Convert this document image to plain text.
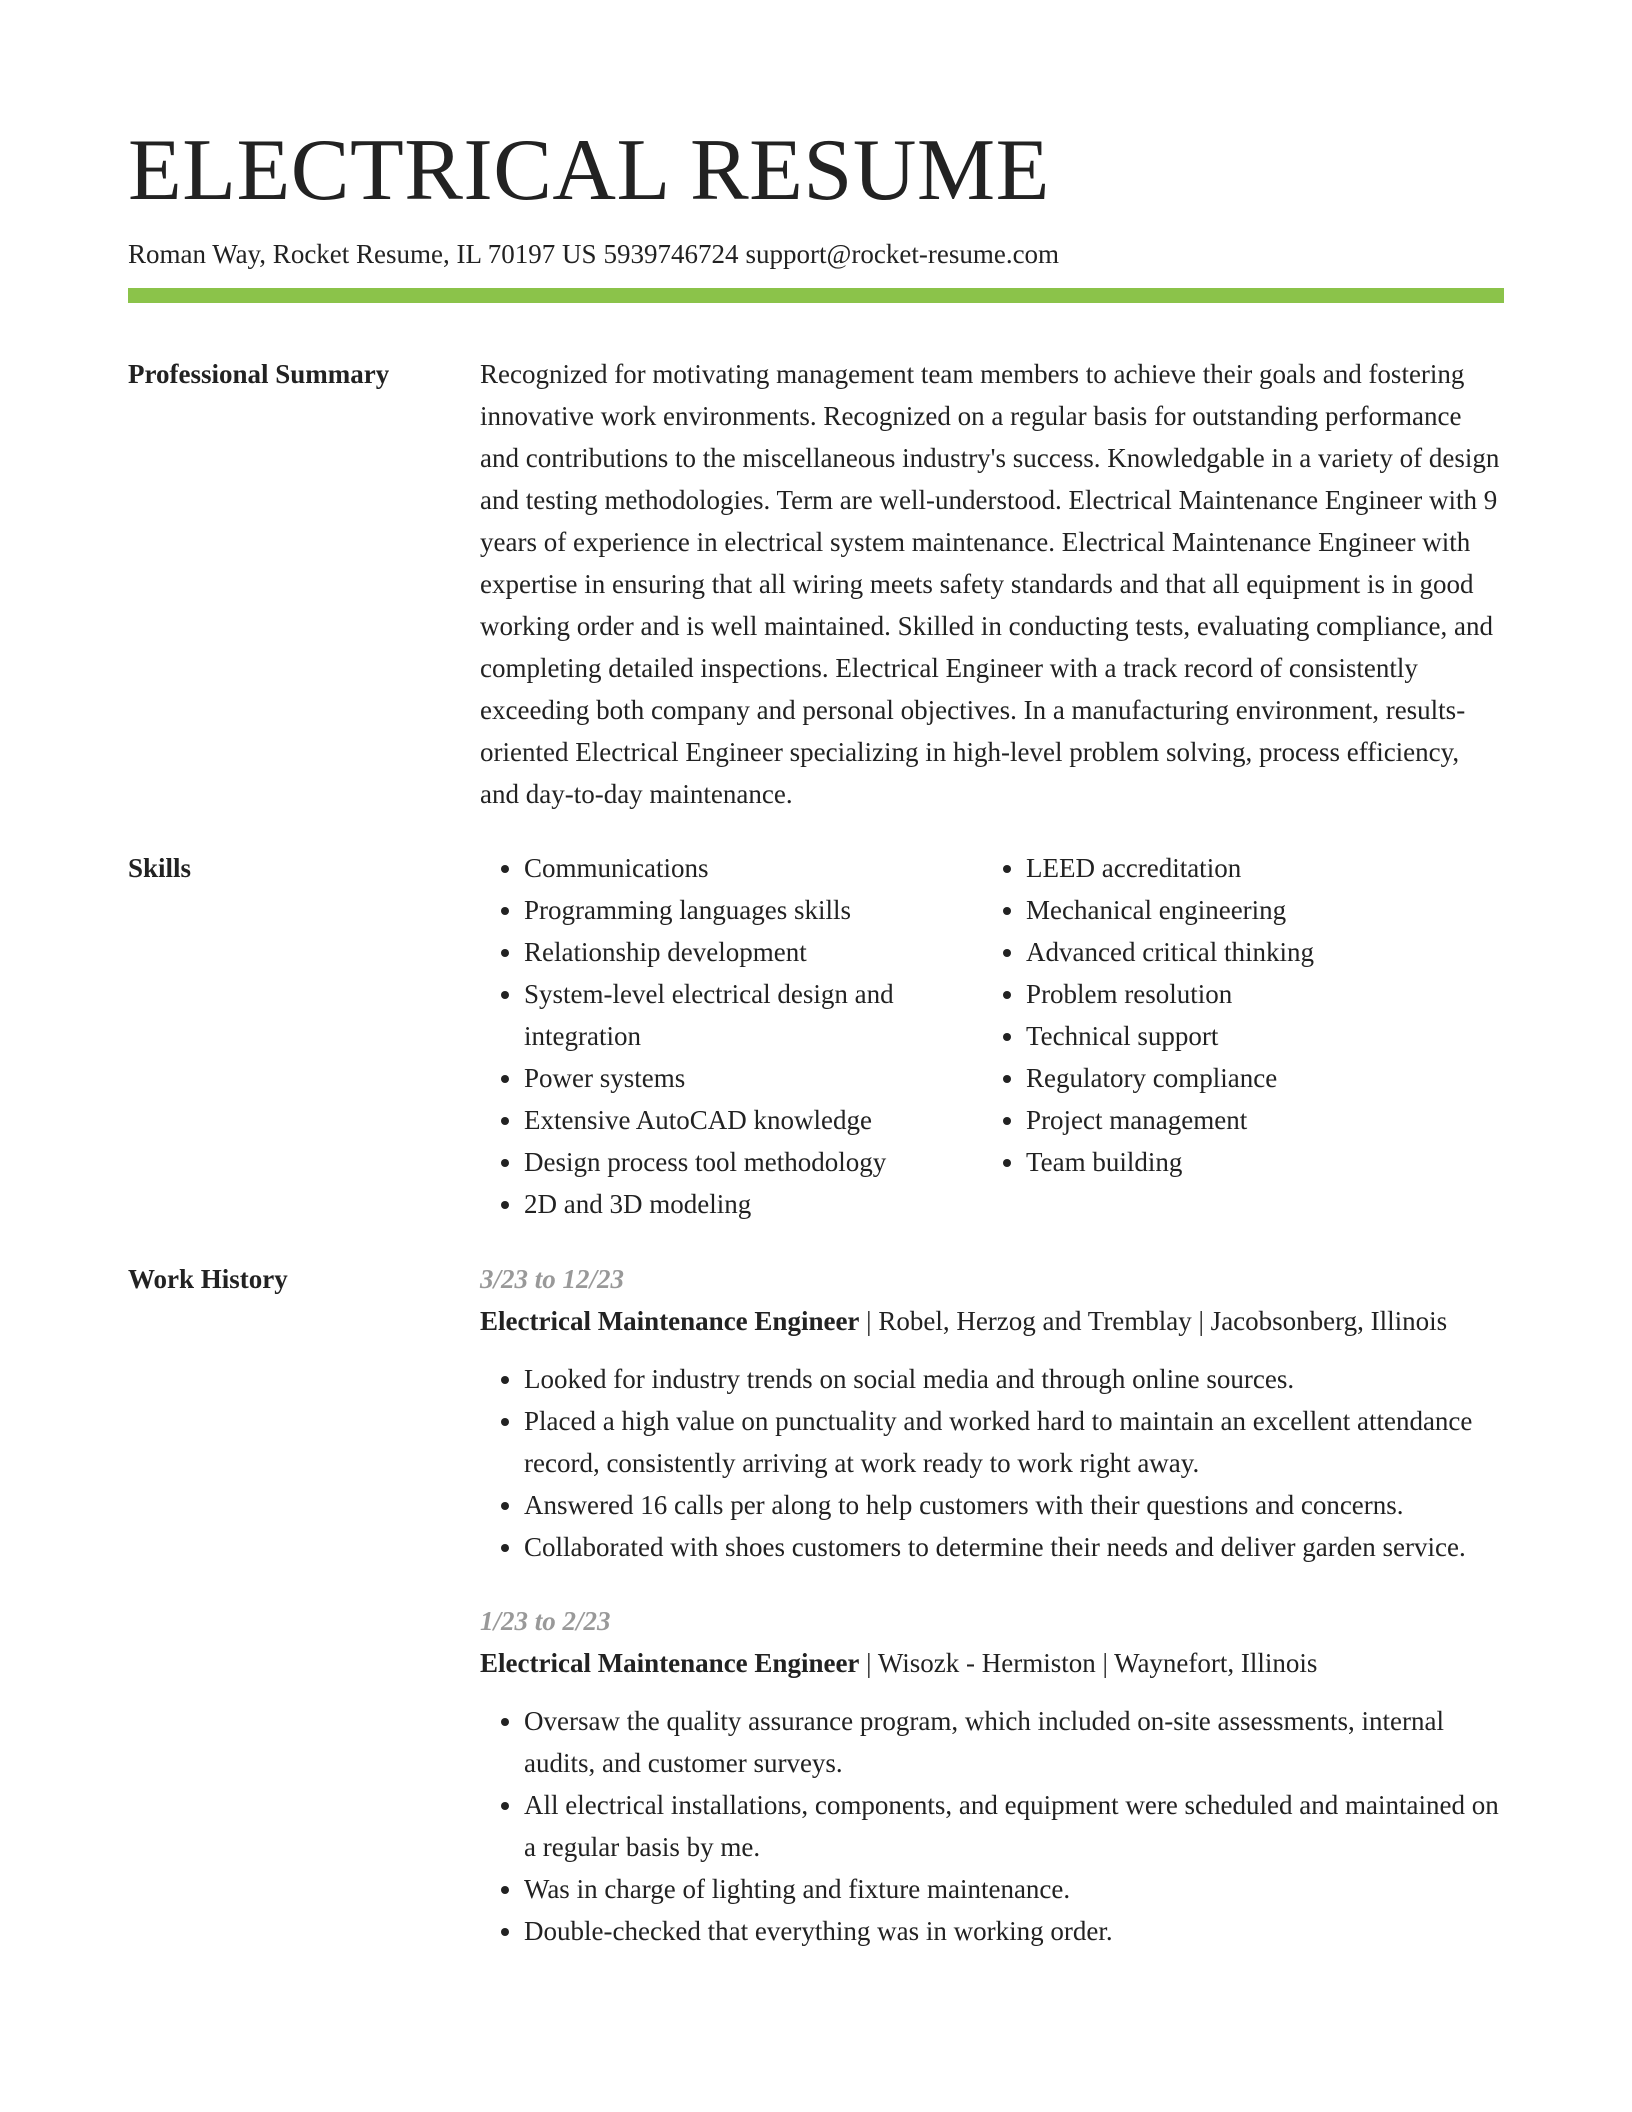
ELECTRICAL RESUME
Roman Way, Rocket Resume, IL 70197 US 5939746724 support@rocket-resume.com
Professional Summary	Recognized for motivating management team members to achieve their goals and fostering innovative work environments. Recognized on a regular basis for outstanding performance and contributions to the miscellaneous industry's success. Knowledgable in a variety of design and testing methodologies. Term are well-understood. Electrical Maintenance Engineer with 9 years of experience in electrical system maintenance. Electrical Maintenance Engineer with expertise in ensuring that all wiring meets safety standards and that all equipment is in good working order and is well maintained. Skilled in conducting tests, evaluating compliance, and completing detailed inspections. Electrical Engineer with a track record of consistently exceeding both company and personal objectives. In a manufacturing environment, results-oriented Electrical Engineer specializing in high-level problem solving, process efficiency, and day-to-day maintenance.

Skills
•	Communications
• Programming languages skills
• Relationship development
• System-level electrical design and integration
• Power systems
• Extensive AutoCAD knowledge
• Design process tool methodology
• 2D and 3D modeling
• LEED accreditation
• Mechanical engineering
• Advanced critical thinking
• Problem resolution
• Technical support
• Regulatory compliance
• Project management
• Team building
Work History	3/23 to 12/23
Electrical Maintenance Engineer | Robel, Herzog and Tremblay | Jacobsonberg, Illinois
• Looked for industry trends on social media and through online sources.
• Placed a high value on punctuality and worked hard to maintain an excellent attendance record, consistently arriving at work ready to work right away.
• Answered 16 calls per along to help customers with their questions and concerns.
• Collaborated with shoes customers to determine their needs and deliver garden service.
1/23 to 2/23
Electrical Maintenance Engineer | Wisozk - Hermiston | Waynefort, Illinois
• Oversaw the quality assurance program, which included on-site assessments, internal audits, and customer surveys.
• All electrical installations, components, and equipment were scheduled and maintained on a regular basis by me.
• Was in charge of lighting and fixture maintenance.
• Double-checked that everything was in working order.
